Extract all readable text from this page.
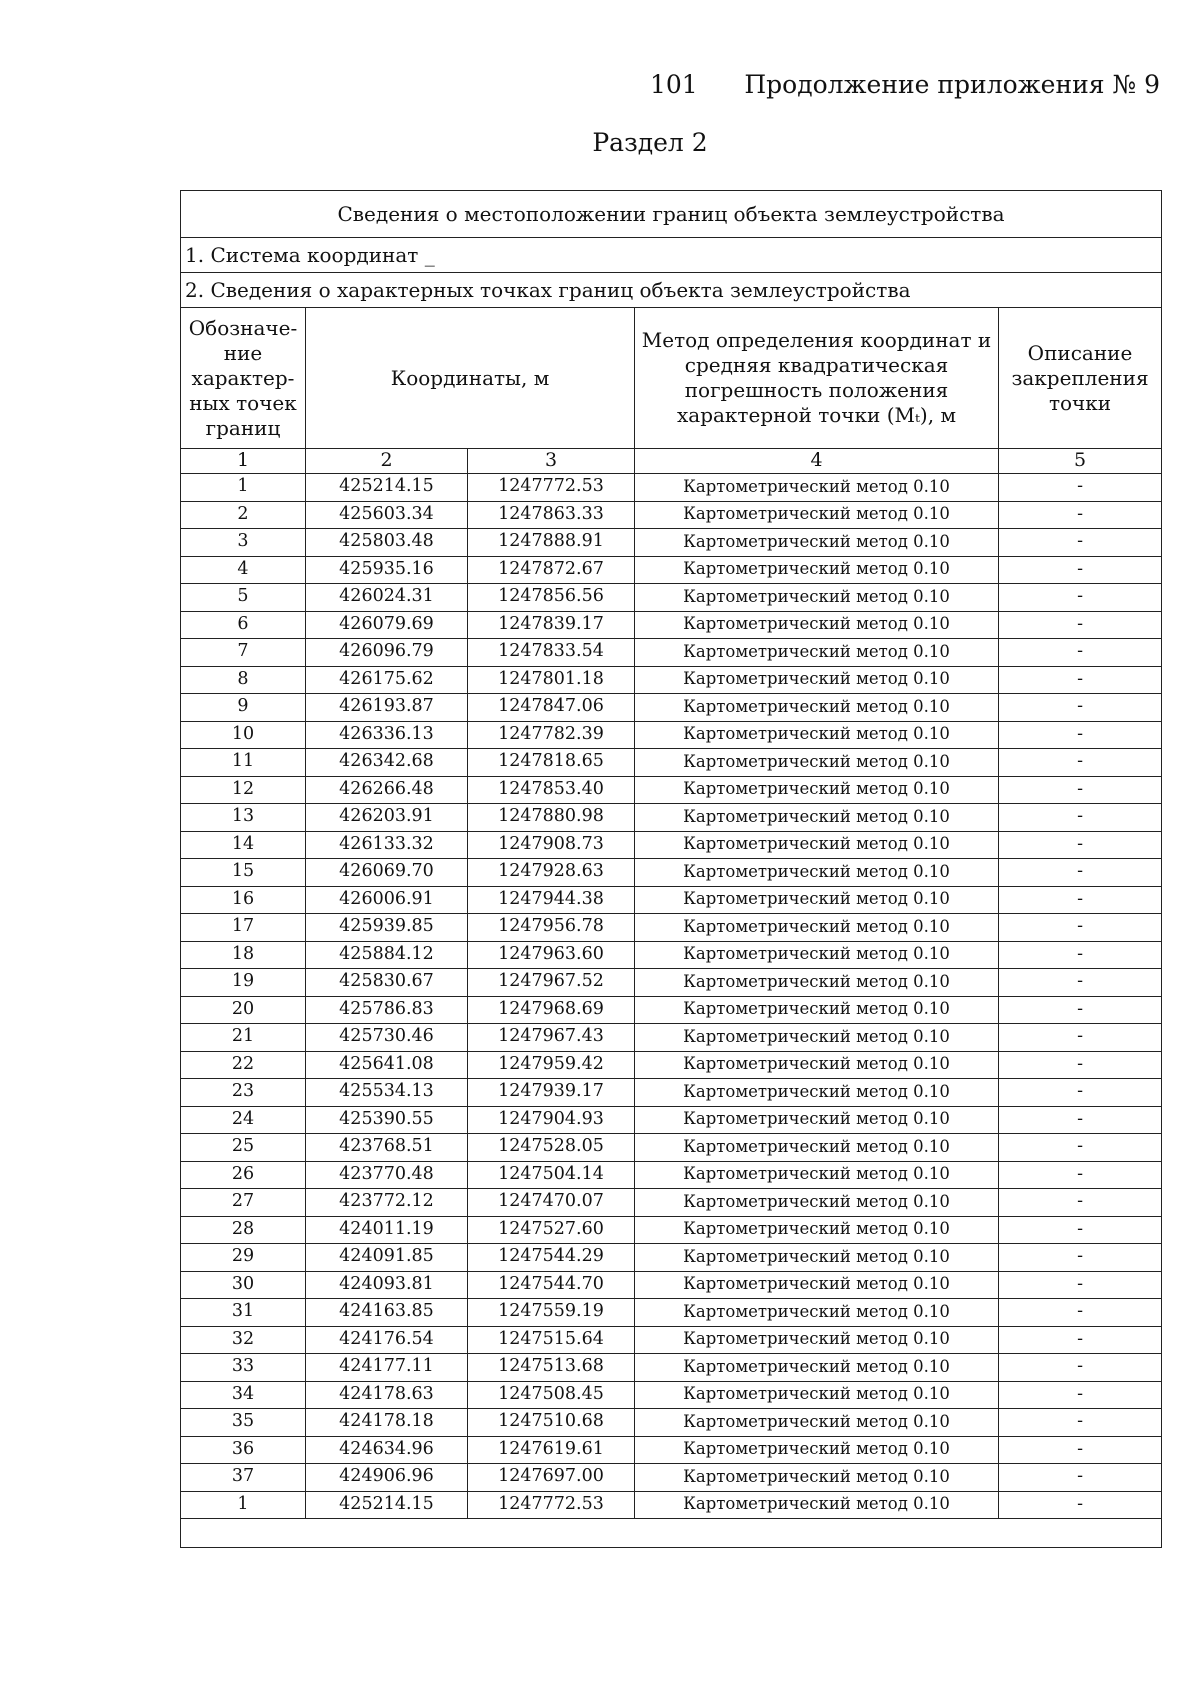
101 Продолжение приложения № 9
Раздел 2
Сведения о местоположении границ объекта землеустройства				
1. Система координат _				
2. Сведения о характерных точках границ объекта землеустройства				
Обозначе-
ние
характер-
ных точек
границ	Координаты, м		Метод определения координат и
средняя квадратическая
погрешность положения
характерной точки (Mₜ), м	Описание
закрепления
точки
1	2	3	4	5
1	425214.15	1247772.53	Картометрический метод 0.10	-
2	425603.34	1247863.33	Картометрический метод 0.10	-
3	425803.48	1247888.91	Картометрический метод 0.10	-
4	425935.16	1247872.67	Картометрический метод 0.10	-
5	426024.31	1247856.56	Картометрический метод 0.10	-
6	426079.69	1247839.17	Картометрический метод 0.10	-
7	426096.79	1247833.54	Картометрический метод 0.10	-
8	426175.62	1247801.18	Картометрический метод 0.10	-
9	426193.87	1247847.06	Картометрический метод 0.10	-
10	426336.13	1247782.39	Картометрический метод 0.10	-
11	426342.68	1247818.65	Картометрический метод 0.10	-
12	426266.48	1247853.40	Картометрический метод 0.10	-
13	426203.91	1247880.98	Картометрический метод 0.10	-
14	426133.32	1247908.73	Картометрический метод 0.10	-
15	426069.70	1247928.63	Картометрический метод 0.10	-
16	426006.91	1247944.38	Картометрический метод 0.10	-
17	425939.85	1247956.78	Картометрический метод 0.10	-
18	425884.12	1247963.60	Картометрический метод 0.10	-
19	425830.67	1247967.52	Картометрический метод 0.10	-
20	425786.83	1247968.69	Картометрический метод 0.10	-
21	425730.46	1247967.43	Картометрический метод 0.10	-
22	425641.08	1247959.42	Картометрический метод 0.10	-
23	425534.13	1247939.17	Картометрический метод 0.10	-
24	425390.55	1247904.93	Картометрический метод 0.10	-
25	423768.51	1247528.05	Картометрический метод 0.10	-
26	423770.48	1247504.14	Картометрический метод 0.10	-
27	423772.12	1247470.07	Картометрический метод 0.10	-
28	424011.19	1247527.60	Картометрический метод 0.10	-
29	424091.85	1247544.29	Картометрический метод 0.10	-
30	424093.81	1247544.70	Картометрический метод 0.10	-
31	424163.85	1247559.19	Картометрический метод 0.10	-
32	424176.54	1247515.64	Картометрический метод 0.10	-
33	424177.11	1247513.68	Картометрический метод 0.10	-
34	424178.63	1247508.45	Картометрический метод 0.10	-
35	424178.18	1247510.68	Картометрический метод 0.10	-
36	424634.96	1247619.61	Картометрический метод 0.10	-
37	424906.96	1247697.00	Картометрический метод 0.10	-
1	425214.15	1247772.53	Картометрический метод 0.10	-
